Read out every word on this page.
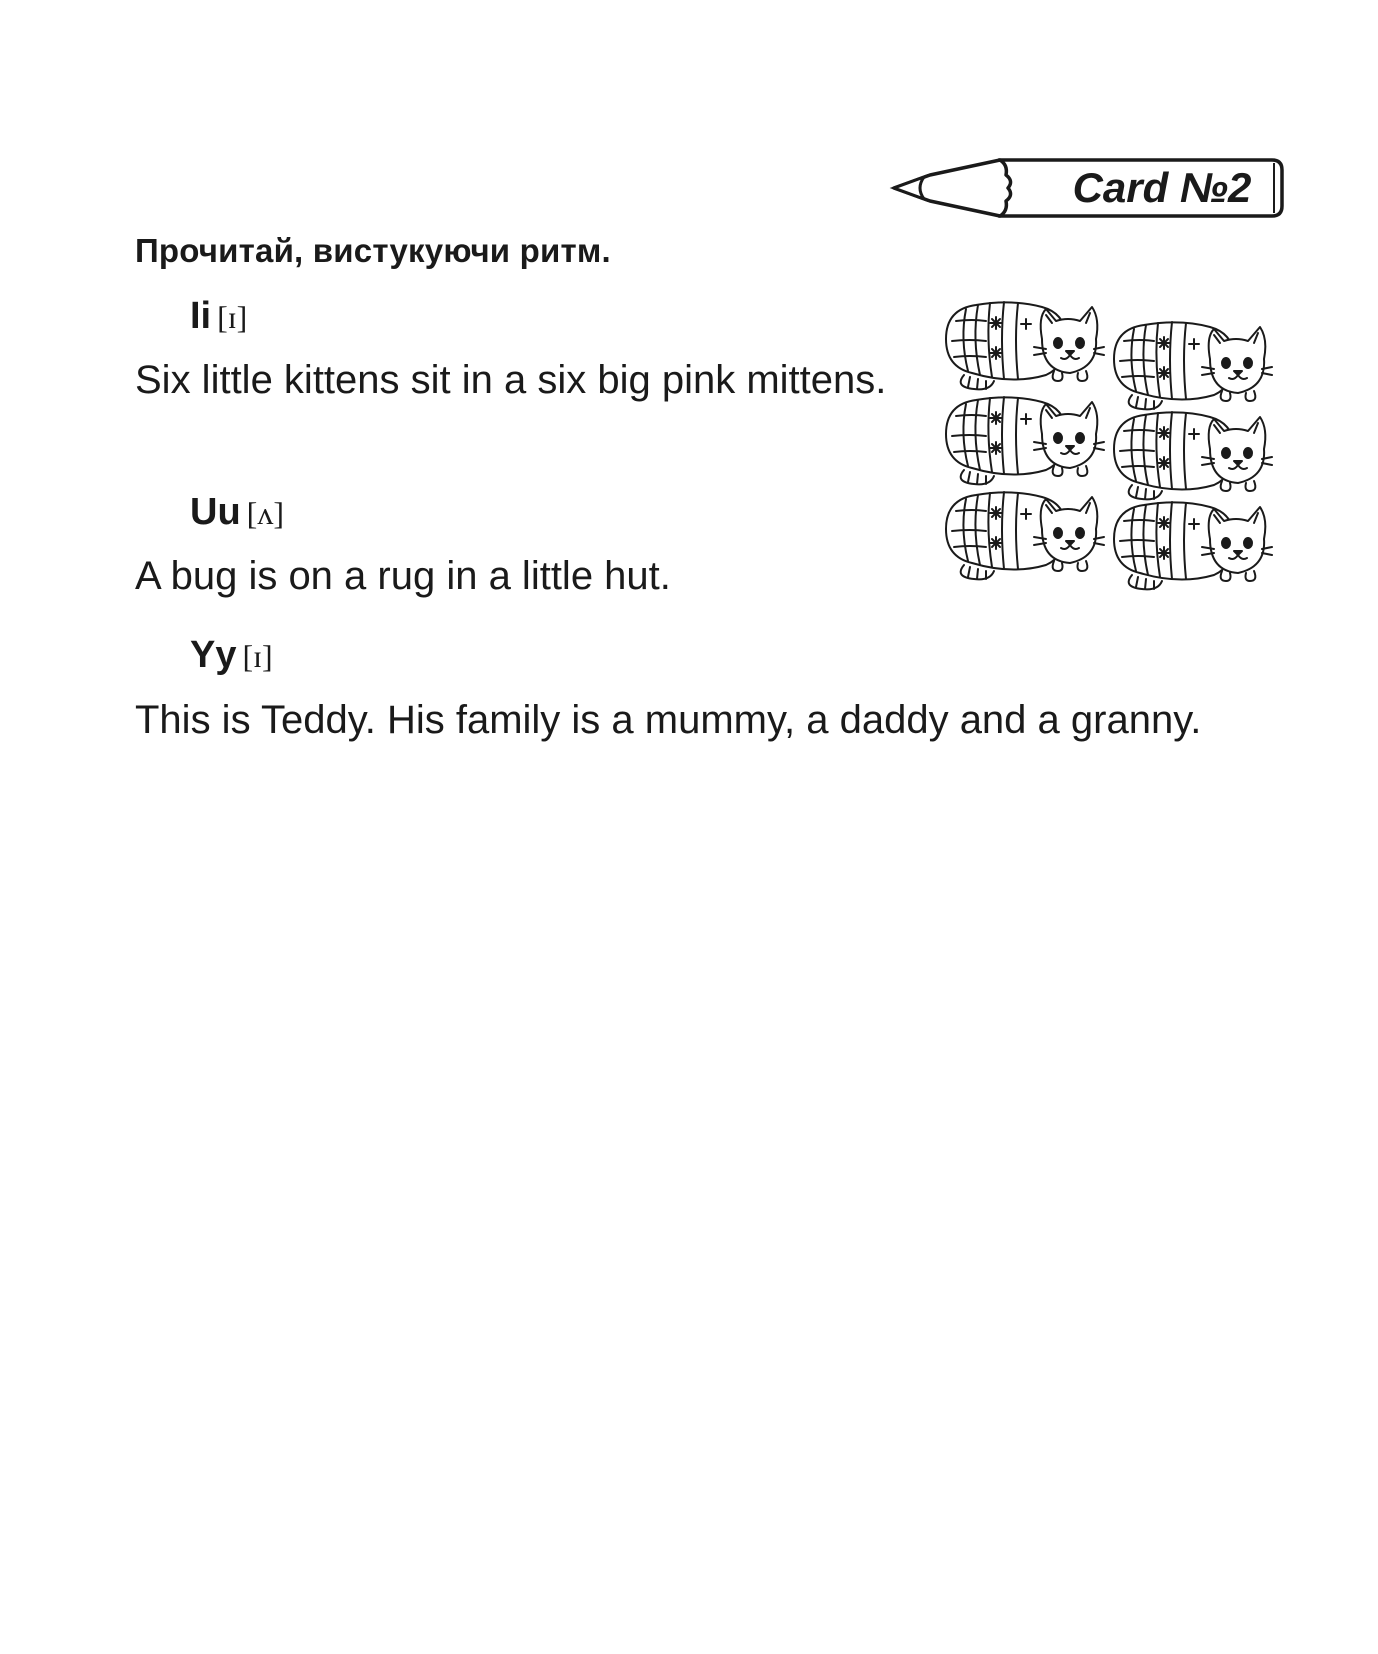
Card №2
Прочитай, вистукуючи ритм.
Ii [ɪ]
Six little kittens sit in a six big pink mittens.
Uu [ʌ]
A bug is on a rug in a little hut.
Yy [ɪ]
This is Teddy. His family is a mummy, a daddy and a granny.
